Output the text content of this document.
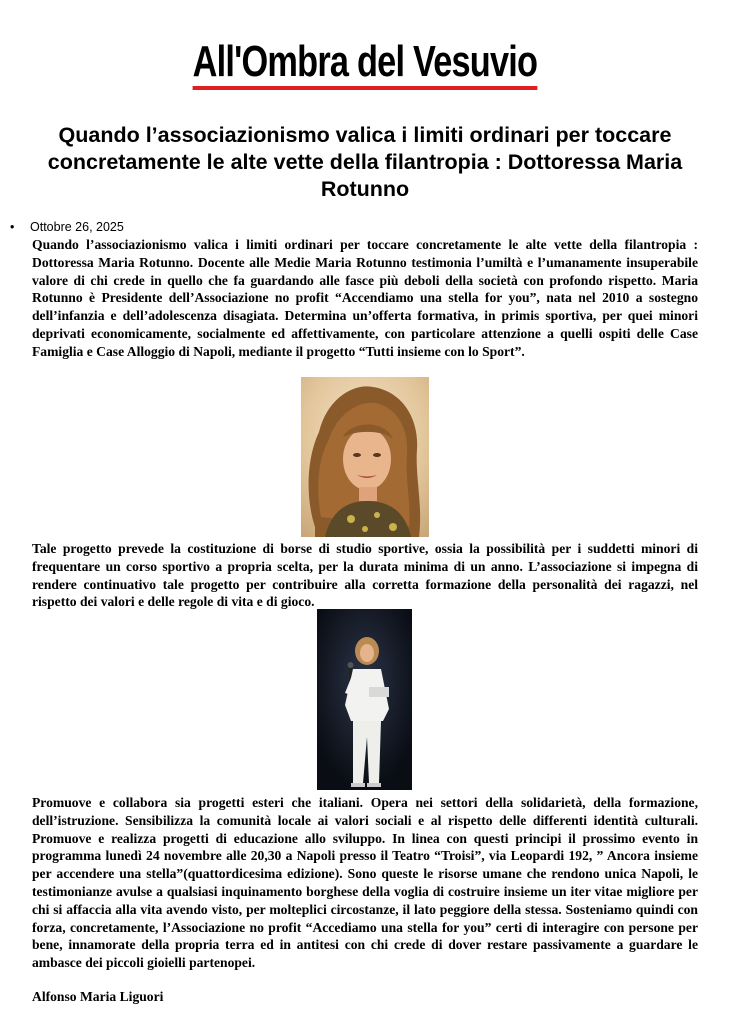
All'Ombra del Vesuvio
Quando l’associazionismo valica i limiti ordinari per toccare concretamente le alte vette della filantropia : Dottoressa Maria Rotunno
• Ottobre 26, 2025

Quando l’associazionismo valica i limiti ordinari per toccare concretamente le alte vette della filantropia : Dottoressa Maria Rotunno. Docente alle Medie Maria Rotunno testimonia l’umiltà e l’umanamente insuperabile valore di chi crede in quello che fa guardando alle fasce più deboli della società con profondo rispetto. Maria Rotunno è Presidente dell’Associazione no profit “Accendiamo una stella for you”, nata nel 2010 a sostegno dell’infanzia e dell’adolescenza disagiata. Determina un’offerta formativa, in primis sportiva, per quei minori deprivati economicamente, socialmente ed affettivamente, con particolare attenzione a quelli ospiti delle Case Famiglia e Case Alloggio di Napoli, mediante il progetto “Tutti insieme con lo Sport”.

Tale progetto prevede la costituzione di borse di studio sportive, ossia la possibilità per i suddetti minori di frequentare un corso sportivo a propria scelta, per la durata minima di un anno. L’associazione si impegna di rendere continuativo tale progetto per contribuire alla corretta formazione della personalità dei ragazzi, nel rispetto dei valori e delle regole di vita e di gioco.

Promuove e collabora sia progetti esteri che italiani. Opera nei settori della solidarietà, della formazione, dell’istruzione. Sensibilizza la comunità locale ai valori sociali e al rispetto delle differenti identità culturali. Promuove e realizza progetti di educazione allo sviluppo. In linea con questi principi il prossimo evento in programma lunedì 24 novembre alle 20,30 a Napoli presso il Teatro “Troisi”, via Leopardi 192, ” Ancora insieme per accendere una stella”(quattordicesima edizione). Sono queste le risorse umane che rendono unica Napoli, le testimonianze avulse a qualsiasi inquinamento borghese della voglia di costruire insieme un iter vitae migliore per chi si affaccia alla vita avendo visto, per molteplici circostanze, il lato peggiore della stessa. Sosteniamo quindi con forza, concretamente, l’Associazione no profit “Accediamo una stella for you” certi di interagire con persone per bene, innamorate della propria terra ed in antitesi con chi crede di dover restare passivamente a guardare le ambasce dei piccoli gioielli partenopei.

Alfonso Maria Liguori
